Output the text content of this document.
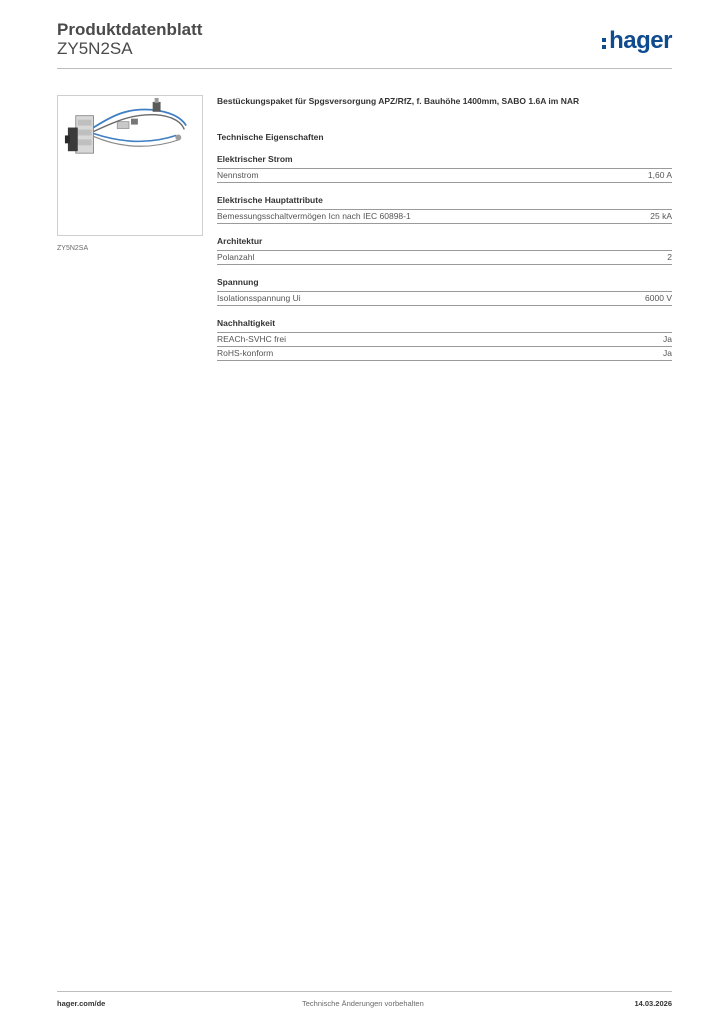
Produktdatenblatt
ZY5N2SA	hager
ZY5N2SA
Bestückungspaket für Spgsversorgung APZ/RfZ, f. Bauhöhe 1400mm, SABO 1.6A im NAR
Technische Eigenschaften
Elektrischer Strom
Nennstrom	1,60 A
Elektrische Hauptattribute
Bemessungsschaltvermögen Icn nach IEC 60898-1	25 kA
Architektur
Polanzahl	2
Spannung
Isolationsspannung Ui	6000 V
Nachhaltigkeit
REACh-SVHC frei	Ja
RoHS-konform	Ja
hager.com/de	Technische Änderungen vorbehalten	14.03.2026
